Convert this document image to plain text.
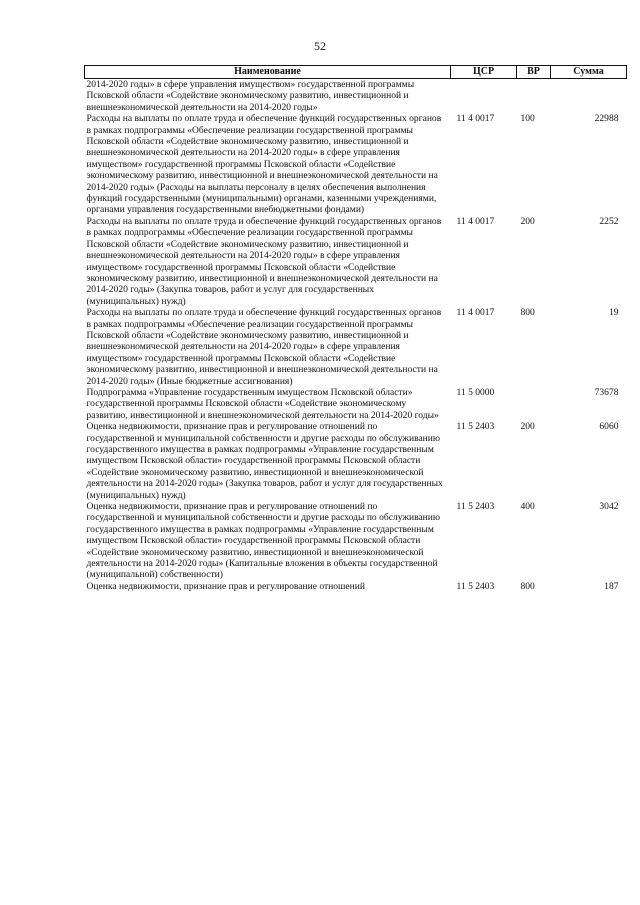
52
Наименование	ЦСР	ВР	Сумма
2014-2020 годы» в сфере управления имуществом» государственной программы Псковской области «Содействие экономическому развитию, инвестиционной и внешнеэкономической деятельности на 2014-2020 годы»			
Расходы на выплаты по оплате труда и обеспечение функций государственных органов в рамках подпрограммы «Обеспечение реализации государственной программы Псковской области «Содействие экономическому развитию, инвестиционной и внешнеэкономической деятельности на 2014-2020 годы» в сфере управления имуществом» государственной программы Псковской области «Содействие экономическому развитию, инвестиционной и внешнеэкономической деятельности на 2014-2020 годы» (Расходы на выплаты персоналу в целях обеспечения выполнения функций государственными (муниципальными) органами, казенными учреждениями, органами управления государственными внебюджетными фондами)	11 4 0017	100	22988
Расходы на выплаты по оплате труда и обеспечение функций государственных органов в рамках подпрограммы «Обеспечение реализации государственной программы Псковской области «Содействие экономическому развитию, инвестиционной и внешнеэкономической деятельности на 2014-2020 годы» в сфере управления имуществом» государственной программы Псковской области «Содействие экономическому развитию, инвестиционной и внешнеэкономической деятельности на 2014-2020 годы» (Закупка товаров, работ и услуг для государственных (муниципальных) нужд)	11 4 0017	200	2252
Расходы на выплаты по оплате труда и обеспечение функций государственных органов в рамках подпрограммы «Обеспечение реализации государственной программы Псковской области «Содействие экономическому развитию, инвестиционной и внешнеэкономической деятельности на 2014-2020 годы» в сфере управления имуществом» государственной программы Псковской области «Содействие экономическому развитию, инвестиционной и внешнеэкономической деятельности на 2014-2020 годы» (Иные бюджетные ассигнования)	11 4 0017	800	19
Подпрограмма «Управление государственным имуществом Псковской области» государственной программы Псковской области «Содействие экономическому развитию, инвестиционной и внешнеэкономической деятельности на 2014-2020 годы»	11 5 0000		73678
Оценка недвижимости, признание прав и регулирование отношений по государственной и муниципальной собственности и другие расходы по обслуживанию государственного имущества в рамках подпрограммы «Управление государственным имуществом Псковской области» государственной программы Псковской области «Содействие экономическому развитию, инвестиционной и внешнеэкономической деятельности на 2014-2020 годы» (Закупка товаров, работ и услуг для государственных (муниципальных) нужд)	11 5 2403	200	6060
Оценка недвижимости, признание прав и регулирование отношений по государственной и муниципальной собственности и другие расходы по обслуживанию государственного имущества в рамках подпрограммы «Управление государственным имуществом Псковской области» государственной программы Псковской области «Содействие экономическому развитию, инвестиционной и внешнеэкономической деятельности на 2014-2020 годы» (Капитальные вложения в объекты государственной (муниципальной) собственности)	11 5 2403	400	3042
Оценка недвижимости, признание прав и регулирование отношений	11 5 2403	800	187
